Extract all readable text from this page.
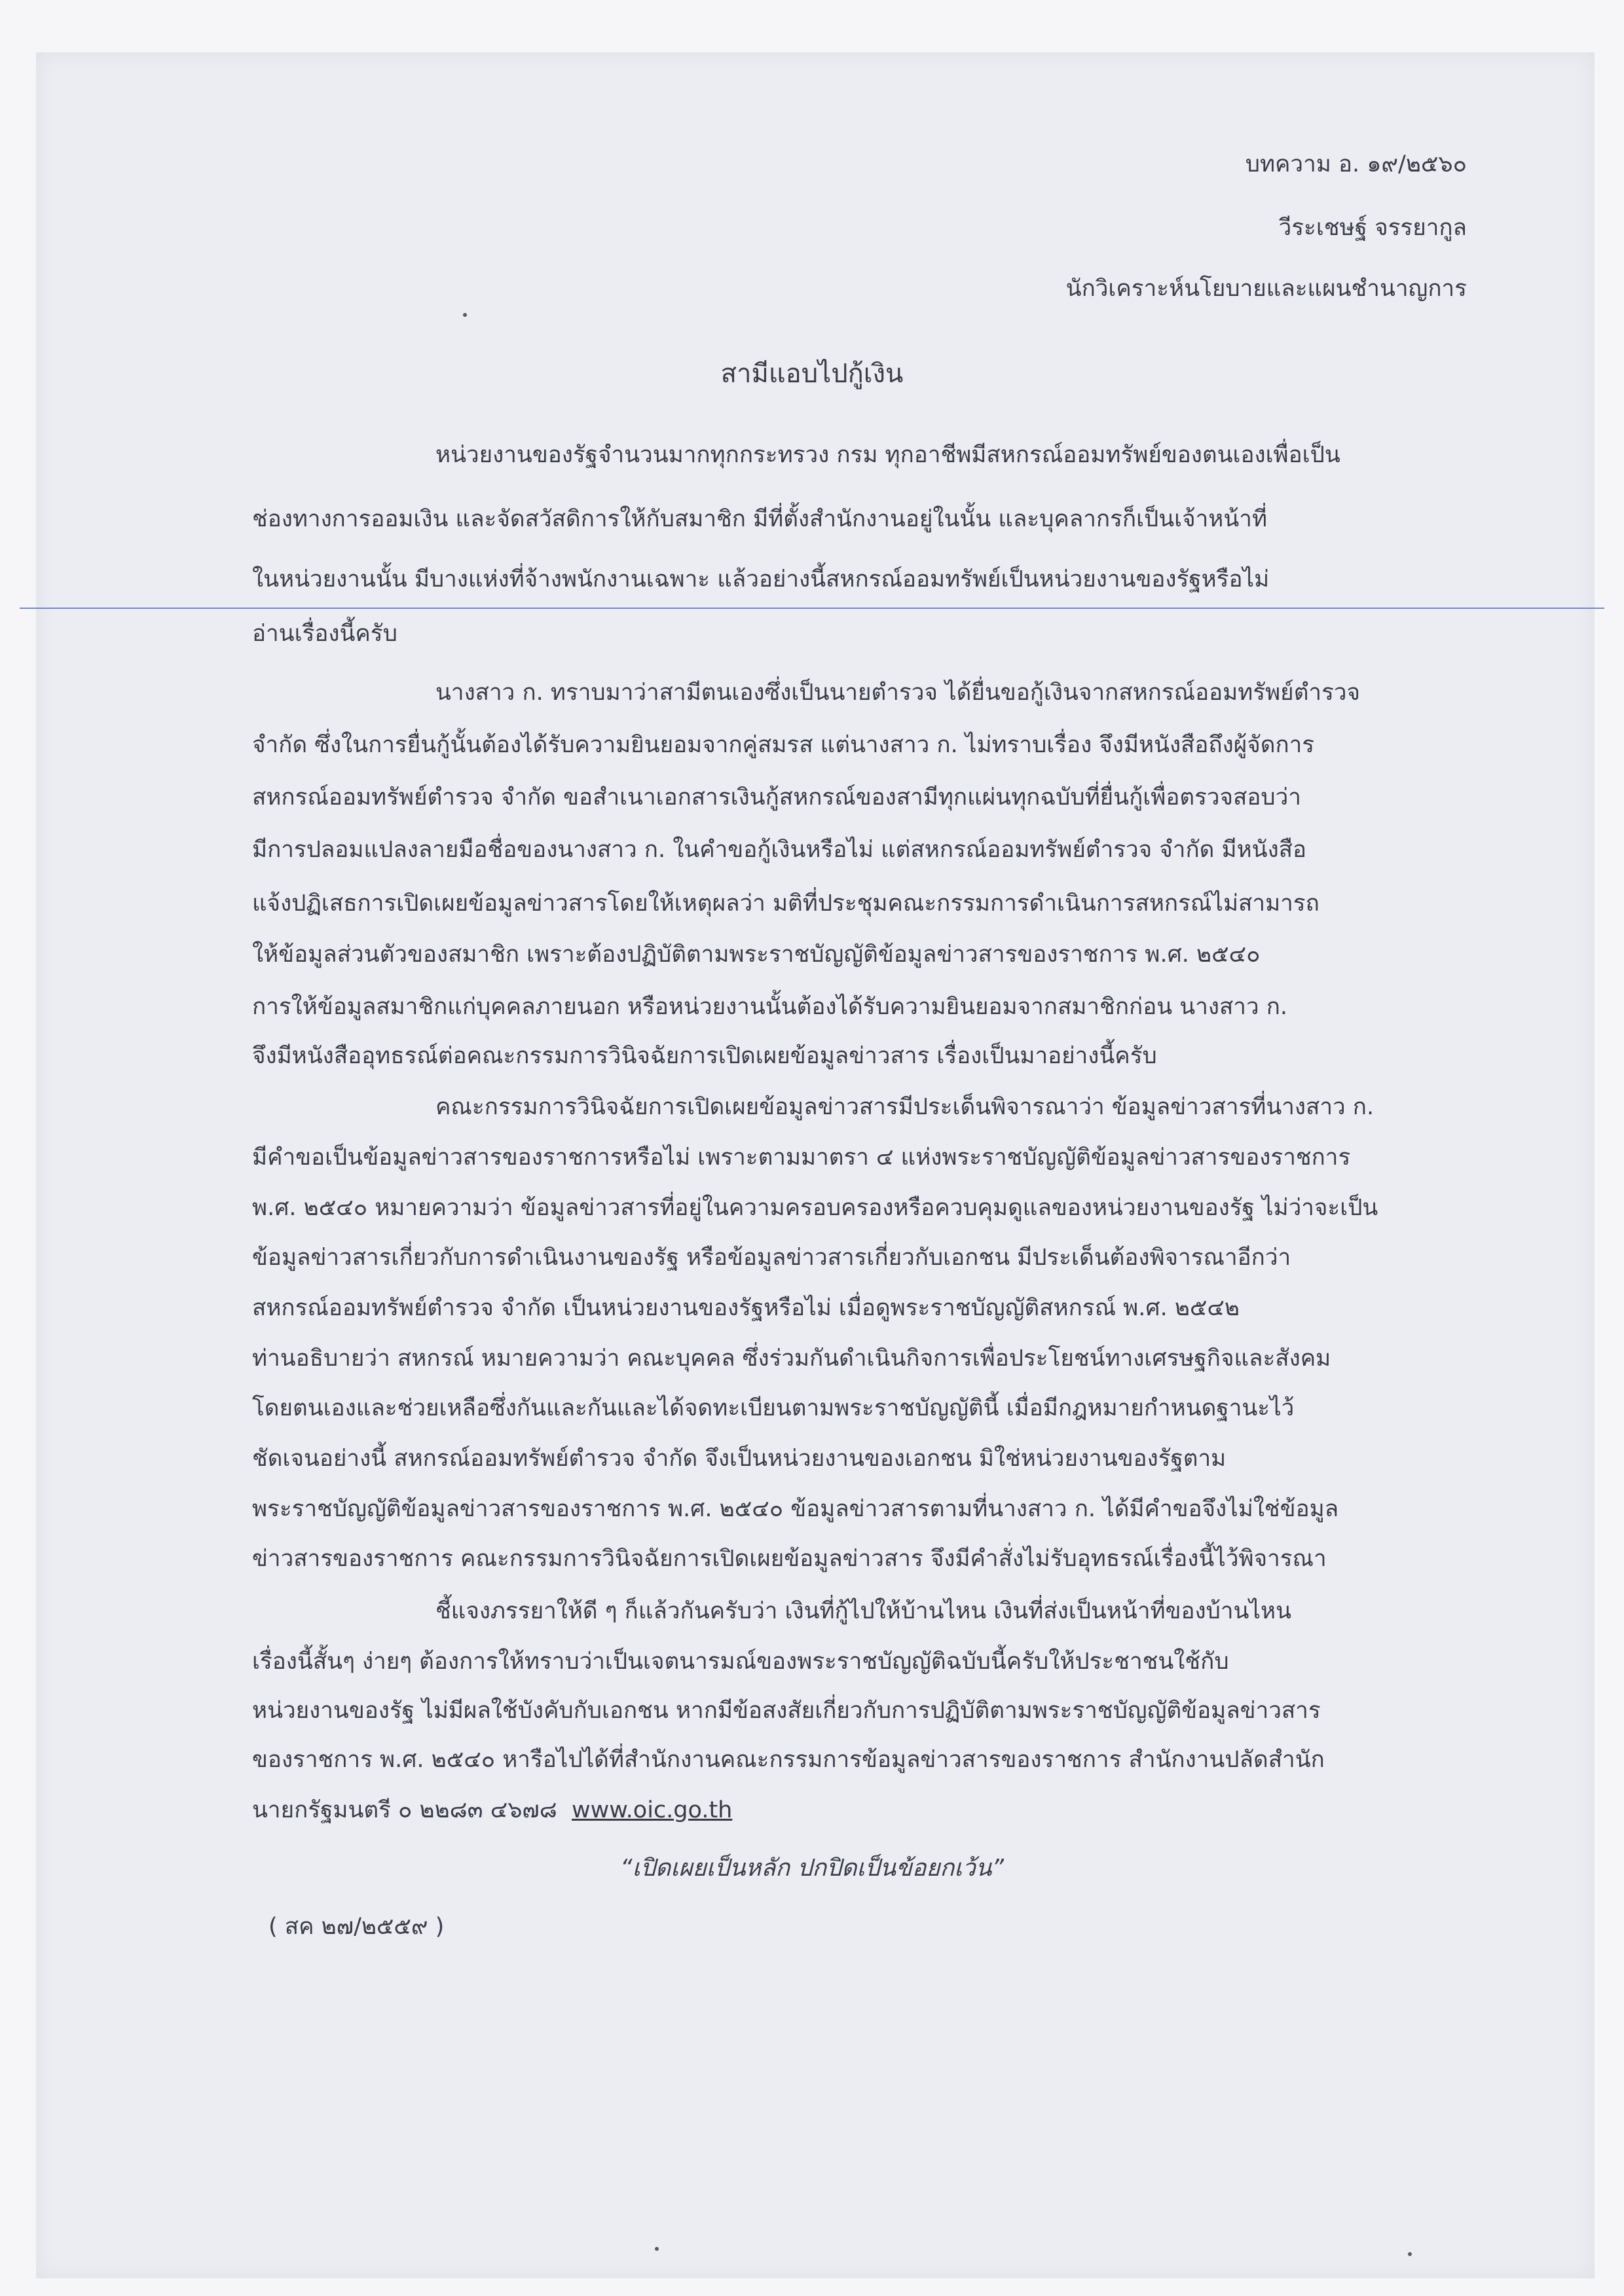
บทความ อ. ๑๙/๒๕๖๐

วีระเชษฐ์ จรรยากูล

นักวิเคราะห์นโยบายและแผนชำนาญการ

สามีแอบไปกู้เงิน

หน่วยงานของรัฐจำนวนมากทุกกระทรวง กรม ทุกอาชีพมีสหกรณ์ออมทรัพย์ของตนเองเพื่อเป็น

ช่องทางการออมเงิน และจัดสวัสดิการให้กับสมาชิก มีที่ตั้งสำนักงานอยู่ในนั้น และบุคลากรก็เป็นเจ้าหน้าที่

ในหน่วยงานนั้น มีบางแห่งที่จ้างพนักงานเฉพาะ แล้วอย่างนี้สหกรณ์ออมทรัพย์เป็นหน่วยงานของรัฐหรือไม่

อ่านเรื่องนี้ครับ

นางสาว ก. ทราบมาว่าสามีตนเองซึ่งเป็นนายตำรวจ ได้ยื่นขอกู้เงินจากสหกรณ์ออมทรัพย์ตำรวจ

จำกัด ซึ่งในการยื่นกู้นั้นต้องได้รับความยินยอมจากคู่สมรส แต่นางสาว ก. ไม่ทราบเรื่อง จึงมีหนังสือถึงผู้จัดการ

สหกรณ์ออมทรัพย์ตำรวจ จำกัด ขอสำเนาเอกสารเงินกู้สหกรณ์ของสามีทุกแผ่นทุกฉบับที่ยื่นกู้เพื่อตรวจสอบว่า

มีการปลอมแปลงลายมือชื่อของนางสาว ก. ในคำขอกู้เงินหรือไม่ แต่สหกรณ์ออมทรัพย์ตำรวจ จำกัด มีหนังสือ

แจ้งปฏิเสธการเปิดเผยข้อมูลข่าวสารโดยให้เหตุผลว่า มติที่ประชุมคณะกรรมการดำเนินการสหกรณ์ไม่สามารถ

ให้ข้อมูลส่วนตัวของสมาชิก เพราะต้องปฏิบัติตามพระราชบัญญัติข้อมูลข่าวสารของราชการ พ.ศ. ๒๕๔๐

การให้ข้อมูลสมาชิกแก่บุคคลภายนอก หรือหน่วยงานนั้นต้องได้รับความยินยอมจากสมาชิกก่อน นางสาว ก.

จึงมีหนังสืออุทธรณ์ต่อคณะกรรมการวินิจฉัยการเปิดเผยข้อมูลข่าวสาร เรื่องเป็นมาอย่างนี้ครับ

คณะกรรมการวินิจฉัยการเปิดเผยข้อมูลข่าวสารมีประเด็นพิจารณาว่า ข้อมูลข่าวสารที่นางสาว ก.

มีคำขอเป็นข้อมูลข่าวสารของราชการหรือไม่ เพราะตามมาตรา ๔ แห่งพระราชบัญญัติข้อมูลข่าวสารของราชการ

พ.ศ. ๒๕๔๐ หมายความว่า ข้อมูลข่าวสารที่อยู่ในความครอบครองหรือควบคุมดูแลของหน่วยงานของรัฐ ไม่ว่าจะเป็น

ข้อมูลข่าวสารเกี่ยวกับการดำเนินงานของรัฐ หรือข้อมูลข่าวสารเกี่ยวกับเอกชน มีประเด็นต้องพิจารณาอีกว่า

สหกรณ์ออมทรัพย์ตำรวจ จำกัด เป็นหน่วยงานของรัฐหรือไม่ เมื่อดูพระราชบัญญัติสหกรณ์ พ.ศ. ๒๕๔๒

ท่านอธิบายว่า สหกรณ์ หมายความว่า คณะบุคคล ซึ่งร่วมกันดำเนินกิจการเพื่อประโยชน์ทางเศรษฐกิจและสังคม

โดยตนเองและช่วยเหลือซึ่งกันและกันและได้จดทะเบียนตามพระราชบัญญัตินี้ เมื่อมีกฎหมายกำหนดฐานะไว้

ชัดเจนอย่างนี้ สหกรณ์ออมทรัพย์ตำรวจ จำกัด จึงเป็นหน่วยงานของเอกชน มิใช่หน่วยงานของรัฐตาม

พระราชบัญญัติข้อมูลข่าวสารของราชการ พ.ศ. ๒๕๔๐ ข้อมูลข่าวสารตามที่นางสาว ก. ได้มีคำขอจึงไม่ใช่ข้อมูล

ข่าวสารของราชการ คณะกรรมการวินิจฉัยการเปิดเผยข้อมูลข่าวสาร จึงมีคำสั่งไม่รับอุทธรณ์เรื่องนี้ไว้พิจารณา

ชี้แจงภรรยาให้ดี ๆ ก็แล้วกันครับว่า เงินที่กู้ไปให้บ้านไหน เงินที่ส่งเป็นหน้าที่ของบ้านไหน

เรื่องนี้สั้นๆ ง่ายๆ ต้องการให้ทราบว่าเป็นเจตนารมณ์ของพระราชบัญญัติฉบับนี้ครับให้ประชาชนใช้กับ

หน่วยงานของรัฐ ไม่มีผลใช้บังคับกับเอกชน หากมีข้อสงสัยเกี่ยวกับการปฏิบัติตามพระราชบัญญัติข้อมูลข่าวสาร

ของราชการ พ.ศ. ๒๕๔๐ หารือไปได้ที่สำนักงานคณะกรรมการข้อมูลข่าวสารของราชการ สำนักงานปลัดสำนัก

นายกรัฐมนตรี ๐ ๒๒๘๓ ๔๖๗๘ www.oic.go.th

“เปิดเผยเป็นหลัก ปกปิดเป็นข้อยกเว้น”

( สค ๒๗/๒๕๕๙ )
